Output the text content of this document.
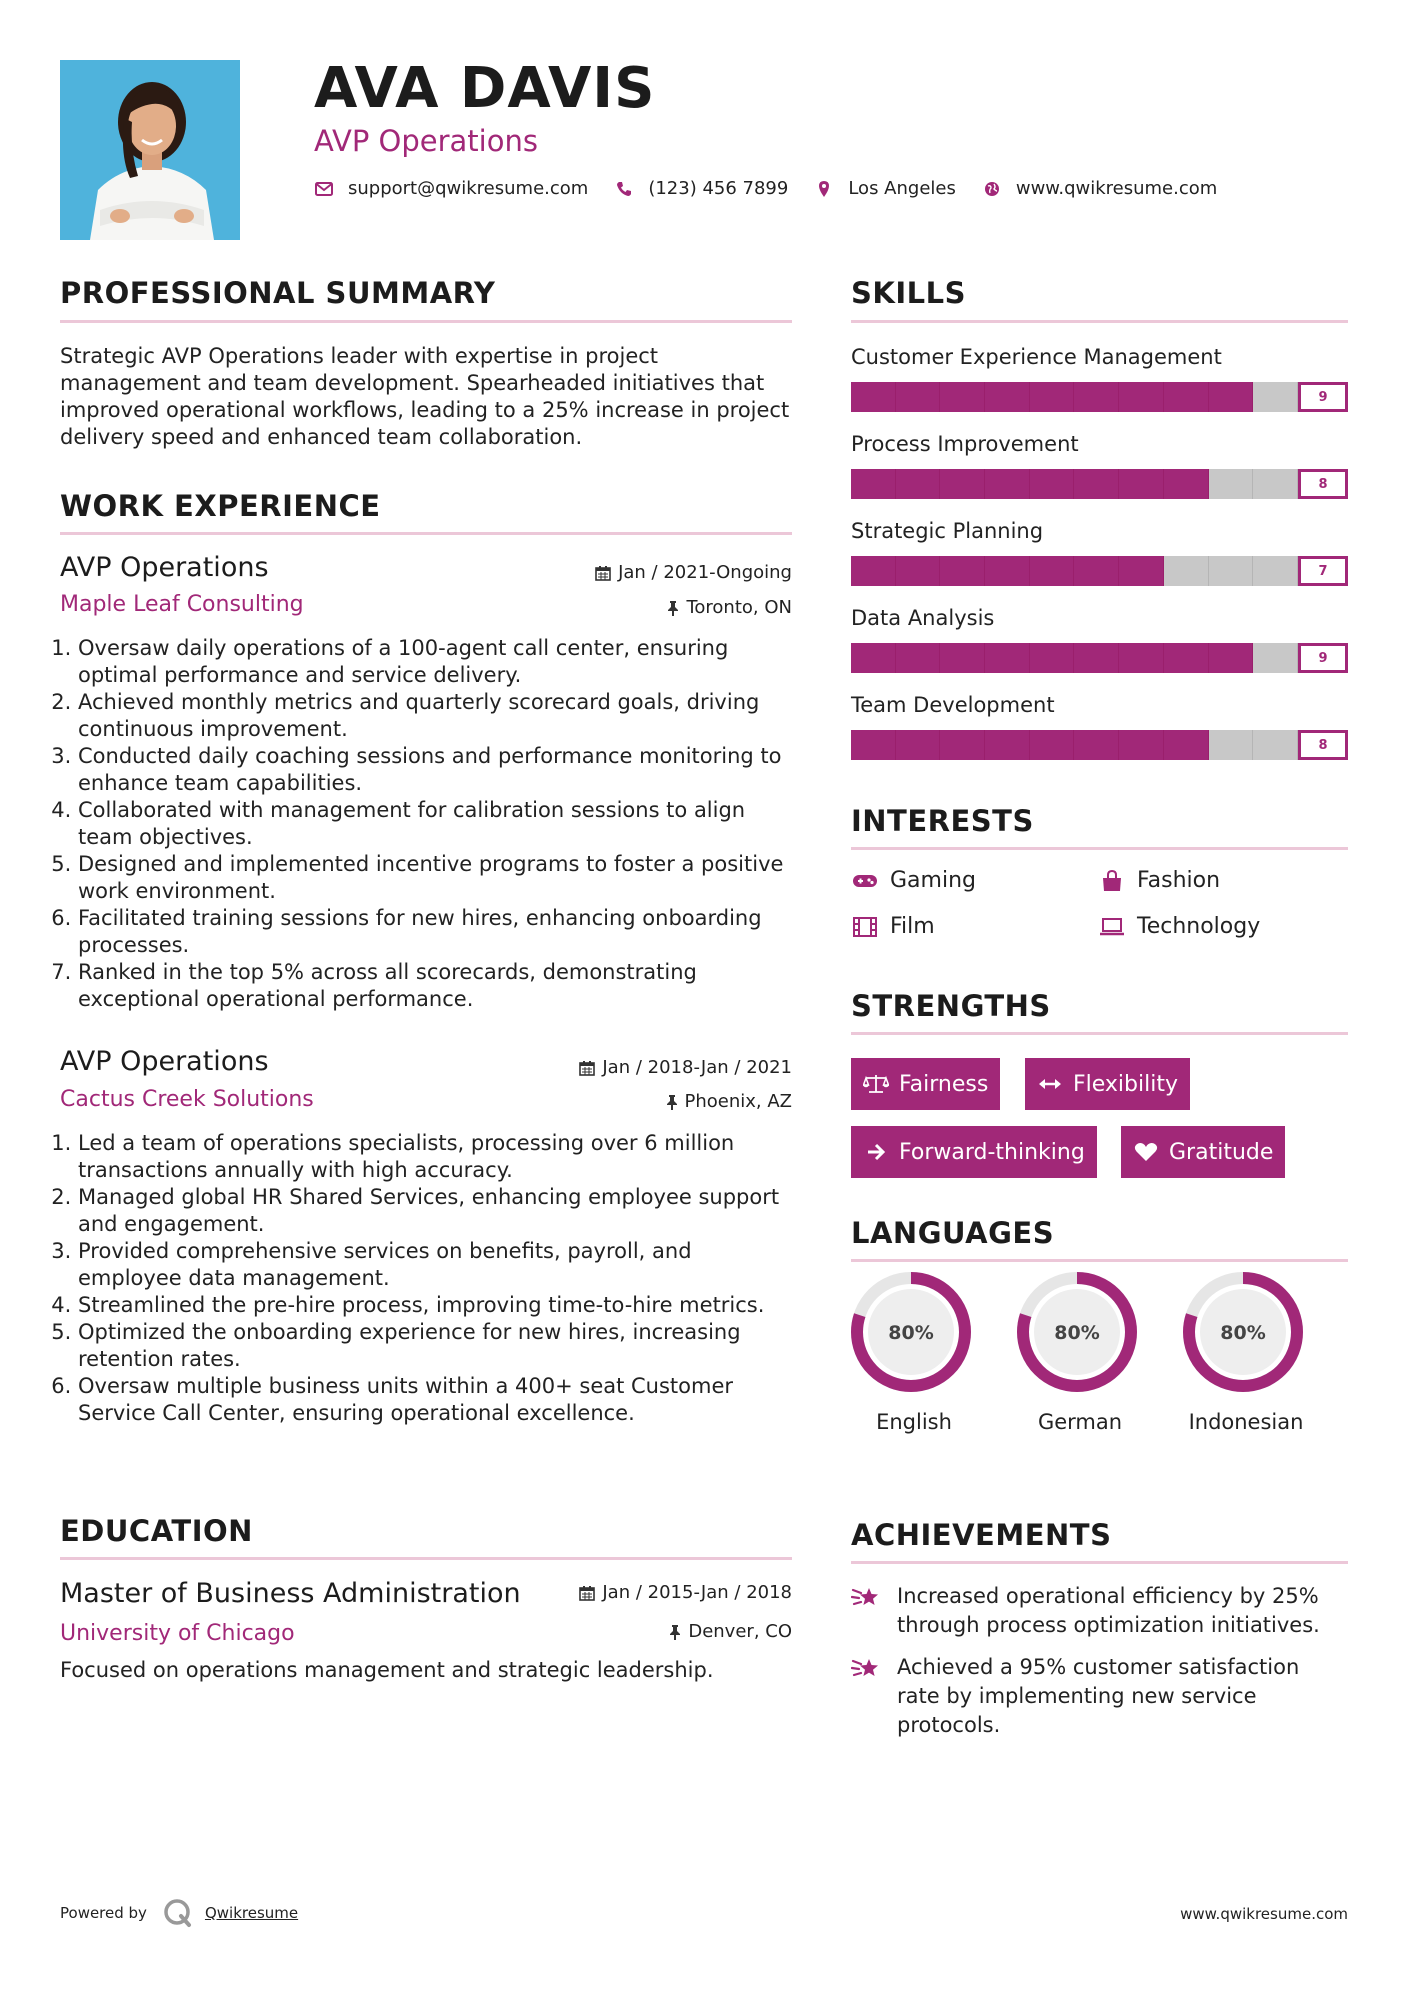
AVA DAVIS
AVP Operations
support@qwikresume.com	(123) 456 7899	Los Angeles	www.qwikresume.com
PROFESSIONAL SUMMARY
Strategic AVP Operations leader with expertise in project management and team development. Spearheaded initiatives that improved operational workflows, leading to a 25% increase in project delivery speed and enhanced team collaboration.
WORK EXPERIENCE
AVP Operations	Jan / 2021-Ongoing
Maple Leaf Consulting	Toronto, ON
1. Oversaw daily operations of a 100-agent call center, ensuring optimal performance and service delivery.
2. Achieved monthly metrics and quarterly scorecard goals, driving continuous improvement.
3. Conducted daily coaching sessions and performance monitoring to enhance team capabilities.
4. Collaborated with management for calibration sessions to align team objectives.
5. Designed and implemented incentive programs to foster a positive work environment.
6. Facilitated training sessions for new hires, enhancing onboarding processes.
7. Ranked in the top 5% across all scorecards, demonstrating exceptional operational performance.
AVP Operations	Jan / 2018-Jan / 2021
Cactus Creek Solutions	Phoenix, AZ
1. Led a team of operations specialists, processing over 6 million transactions annually with high accuracy.
2. Managed global HR Shared Services, enhancing employee support and engagement.
3. Provided comprehensive services on benefits, payroll, and employee data management.
4. Streamlined the pre-hire process, improving time-to-hire metrics.
5. Optimized the onboarding experience for new hires, increasing retention rates.
6. Oversaw multiple business units within a 400+ seat Customer Service Call Center, ensuring operational excellence.
EDUCATION
Master of Business Administration	Jan / 2015-Jan / 2018
University of Chicago	Denver, CO
Focused on operations management and strategic leadership.
SKILLS
Customer Experience Management
9
Process Improvement
8
Strategic Planning
7
Data Analysis
9
Team Development
8
INTERESTS
Gaming	Fashion
Film	Technology
STRENGTHS
Fairness	Flexibility
Forward-thinking	Gratitude
LANGUAGES
80%
English
80%
German
80%
Indonesian
ACHIEVEMENTS
Increased operational efficiency by 25% through process optimization initiatives.
Achieved a 95% customer satisfaction rate by implementing new service protocols.
Powered by	Qwikresume	www.qwikresume.com
